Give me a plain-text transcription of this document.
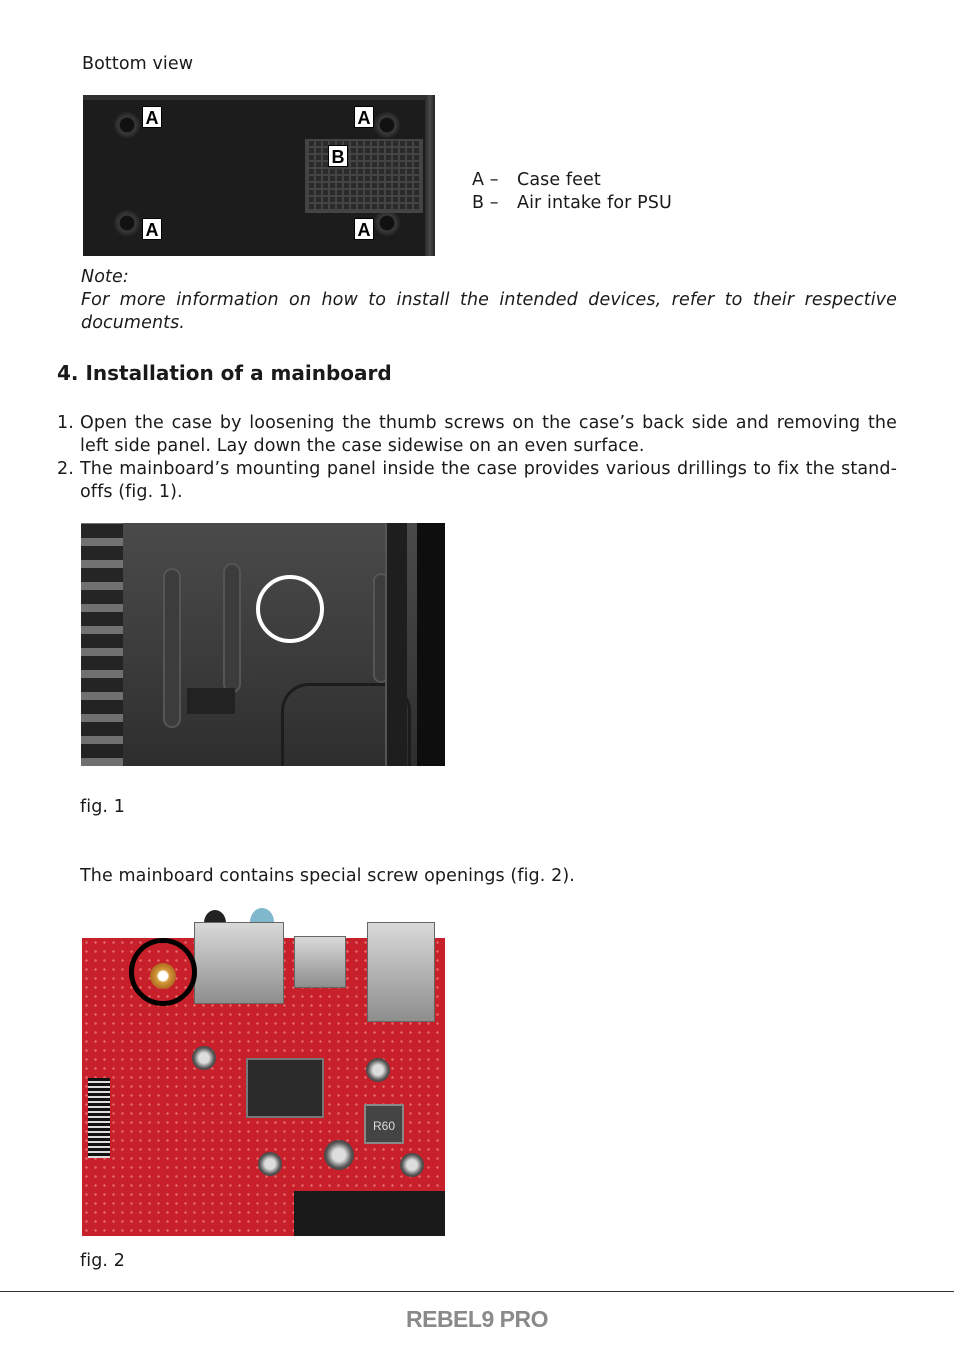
Bottom view
A	A
B
A	A
A –	Case feet
B –	Air intake for PSU
Note:
For more information on how to install the intended devices, refer to their respective documents.
4. Installation of a mainboard
1. Open the case by loosening the thumb screws on the case’s back side and removing the left side panel. Lay down the case sidewise on an even surface.
2. The mainboard’s mounting panel inside the case provides various drillings to fix the stand-offs (fig. 1).
fig. 1
The mainboard contains special screw openings (fig. 2).
R60
fig. 2
REBEL9 PRO
